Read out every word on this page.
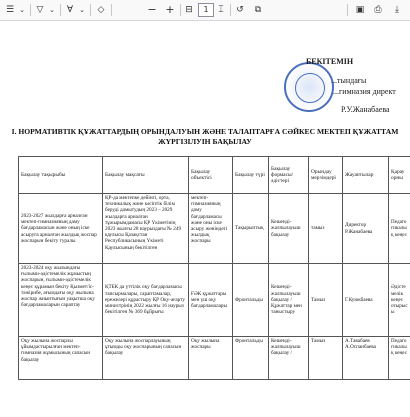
☰ ⌄ ▽ ⌄	∀ ⌄ ◇	− + ⊟	1	⌶ ↺	⧉	▣ ⎙	⤓
БЕКІТЕМІН
...тындағы
...гимназия директ
Р.У.Жанабаева
І. НОРМАТИВТІК ҚҰЖАТТАРДЫҢ ОРЫНДАЛУЫН ЖӘНЕ ТАЛАПТАРҒА СӘЙКЕС МЕКТЕП ҚҰЖАТТАМ
ЖҮРГІЗІЛУІН БАҚЫЛАУ
Бақылау тақырыбы	Бақылау мақсаты	Бақылау объектісі	Бақылау түрі	Бақылау формасы/ әдістері	Орындау мерзімдері	Жауаптылар	Қарау орны
2023-2027 жылдарға арналған мектеп-гимназияның даму бағдарламасын және оның іске асыруға арналған жылдық жоспар жоспарын бекіту туралы	ҚР-да мектепке дейінгі, орта, техникалық және кәсіптік білім беруді дамытудың 2023 – 2029 жылдарға арналған тұжырымдамасы ҚР Үкіметінің 2023 жылғы 28 наурыздағы № 249 қаулысы Қазақстан Республикасының Үкіметі Қаулысының бекітілген	мектеп-гимназияның даму бағдарламасы және оны іске асыру жөніндегі жылдық жоспары	Тақырыптық	Кешенді-жалпылауыш бақылау	тамыз	Директор Р.Жанабаева	Педагогикалық кеңес
2023-2024 оқу жылындағы ғылыми-әдістемелік жұмыстың жоспарын, ғылыми-әдістемелік кеңес құрамын бекіту Қызмет/іс-тәжірибе, ағымдағы оқу жылына жоспар жиынтығын уақытша оқу бағдарламаларын сараптау	ҚТБК да үттілік оқу бағдарламасы тапсырмалары, сараптамалар, ережелері құрастыру ҚР Оқу-ағарту министрінің 2022 жылғы 16 наурыз бекітілген № 369 бұйрығы	ҒӘК құжаттары мен үш оқу бағдарламалары	Фронтальды	Кешенді-жалпылауыш бақылау / Құжаттар мен таныстыру	Тамыз	Г.Куюкбаева	Әдістемелік кеңес отырысы
Оқу жылына жоспарлы ұйымдастырылған мектеп-гимназия жұмысының сапасын бақылау	Оқу жылына жоспарлауының ұтымды оқу жоспарының сапасын бақылау	Оқу жылына жоспары	Фронтальды	Кешенді-жалпылауыш бақылау /	Тамыз	А.Тавабаев А.Оспанбаева	Педагогикалық кеңес
